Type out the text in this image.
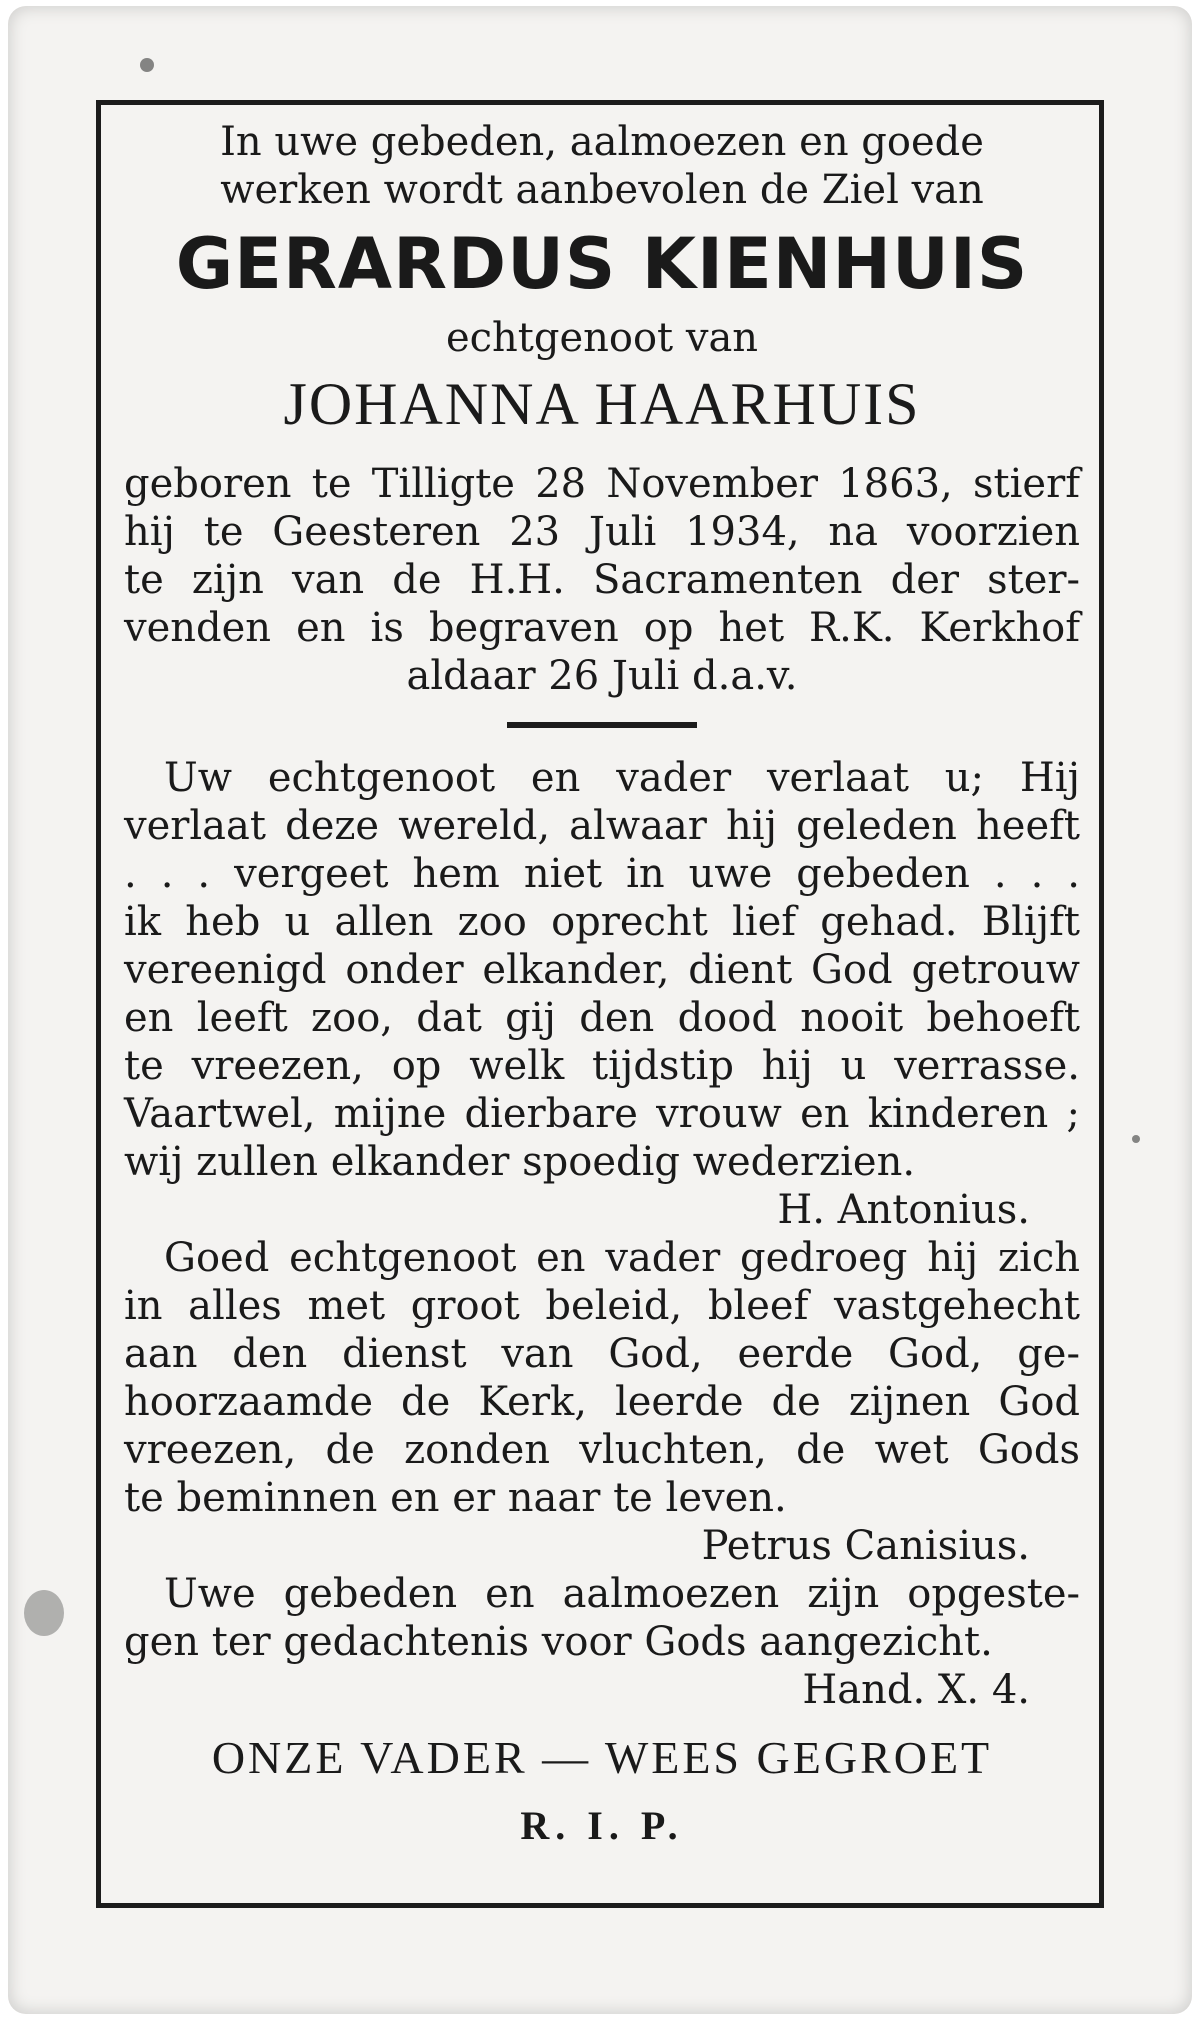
In uwe gebeden, aalmoezen en goede
werken wordt aanbevolen de Ziel van
GERARDUS KIENHUIS
echtgenoot van
JOHANNA HAARHUIS
geboren te Tilligte 28 November 1863, stierf
hij te Geesteren 23 Juli 1934, na voorzien
te zijn van de H.H. Sacramenten der ster-
venden en is begraven op het R.K. Kerkhof
aldaar 26 Juli d.a.v.
Uw echtgenoot en vader verlaat u; Hij
verlaat deze wereld, alwaar hij geleden heeft
. . . vergeet hem niet in uwe gebeden . . .
ik heb u allen zoo oprecht lief gehad. Blijft
vereenigd onder elkander, dient God getrouw
en leeft zoo, dat gij den dood nooit behoeft
te vreezen, op welk tijdstip hij u verrasse.
Vaartwel, mijne dierbare vrouw en kinderen ;
wij zullen elkander spoedig wederzien.
H. Antonius.
Goed echtgenoot en vader gedroeg hij zich
in alles met groot beleid, bleef vastgehecht
aan den dienst van God, eerde God, ge-
hoorzaamde de Kerk, leerde de zijnen God
vreezen, de zonden vluchten, de wet Gods
te beminnen en er naar te leven.
Petrus Canisius.
Uwe gebeden en aalmoezen zijn opgeste-
gen ter gedachtenis voor Gods aangezicht.
Hand. X. 4.
ONZE VADER — WEES GEGROET
R. I. P.
